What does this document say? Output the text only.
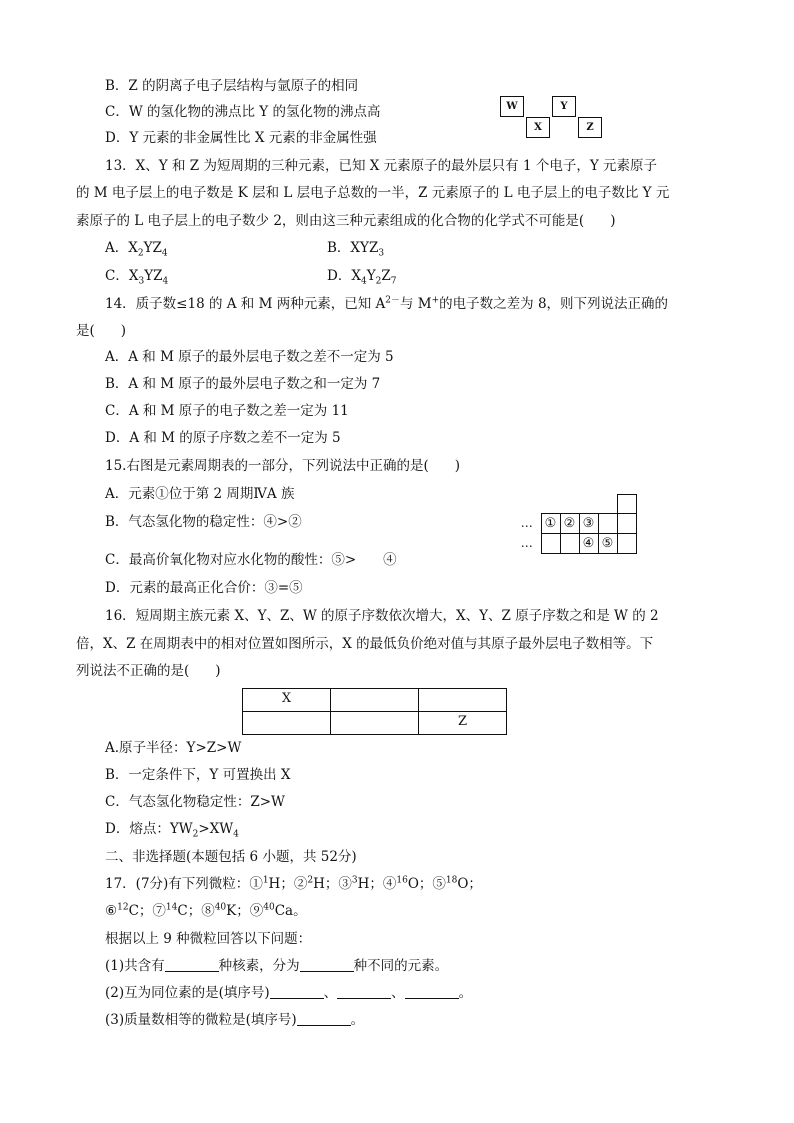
B．Z 的阴离子电子层结构与氩原子的相同
C．W 的氢化物的沸点比 Y 的氢化物的沸点高
D．Y 元素的非金属性比 X 元素的非金属性强
W	Y
X	Z
13．X、Y 和 Z 为短周期的三种元素，已知 X 元素原子的最外层只有 1 个电子，Y 元素原子
的 M 电子层上的电子数是 K 层和 L 层电子总数的一半，Z 元素原子的 L 电子层上的电子数比 Y 元
素原子的 L 电子层上的电子数少 2，则由这三种元素组成的化合物的化学式不可能是( )
A．$X_2YZ_4$	B．$XYZ_3$
C．$X_3YZ_4$	D．$X_4Y_2Z_7$
14．质子数≤18 的 A 和 M 两种元素，已知 $A^{2-}$与 M+的电子数之差为 8，则下列说法正确的
是( )
A．A 和 M 原子的最外层电子数之差不一定为 5
B．A 和 M 原子的最外层电子数之和一定为 7
C．A 和 M 原子的电子数之差一定为 11
D．A 和 M 的原子序数之差不一定为 5
15.右图是元素周期表的一部分，下列说法中正确的是( )
A．元素①位于第 2 周期ⅣA 族
B．气态氢化物的稳定性：④>②
C．最高价氧化物对应水化物的酸性：⑤>　　④
D．元素的最高正化合价：③=⑤

…	①	②	③		
…			④	⑤	
16．短周期主族元素 X、Y、Z、W 的原子序数依次增大，X、Y、Z 原子序数之和是 W 的 2
倍，X、Z 在周期表中的相对位置如图所示，X 的最低负价绝对值与其原子最外层电子数相等。下
列说法不正确的是( )
X		
		Z
A.原子半径：Y>Z>W
B．一定条件下，Y 可置换出 X
C．气态氢化物稳定性：Z>W
D．熔点：$YW_2>XW_4$
二、非选择题(本题包括 6 小题，共 52分)
17．(7分)有下列微粒：①$^1$H；②$^2$H；③$^3$H；④$^{16}$O；⑤$^{18}$O；
⑥$^{12}$C；⑦$^{14}$C；⑧$^{40}$K；⑨$^{40}$Ca。
根据以上 9 种微粒回答以下问题：
(1)共含有	种核素，分为	种不同的元素。
(2)互为同位素的是(填序号)	、	、	。
(3)质量数相等的微粒是(填序号)	。
